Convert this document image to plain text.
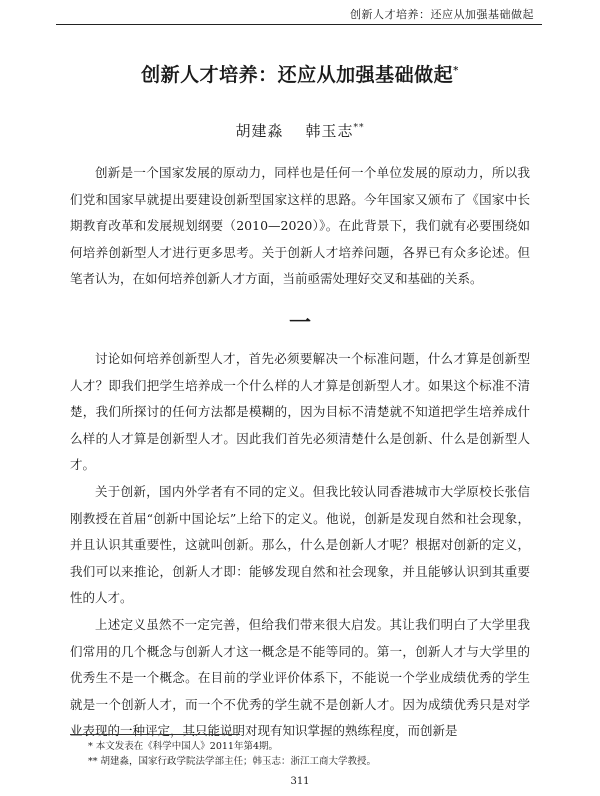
创新人才培养：还应从加强基础做起
创新人才培养：还应从加强基础做起*
胡建淼 韩玉志**

创新是一个国家发展的原动力，同样也是任何一个单位发展的原动力，所以我们党和国家早就提出要建设创新型国家这样的思路。今年国家又颁布了《国家中长期教育改革和发展规划纲要（2010—2020）》。在此背景下，我们就有必要围绕如何培养创新型人才进行更多思考。关于创新人才培养问题，各界已有众多论述。但笔者认为，在如何培养创新人才方面，当前亟需处理好交叉和基础的关系。

一

讨论如何培养创新型人才，首先必须要解决一个标准问题，什么才算是创新型人才？即我们把学生培养成一个什么样的人才算是创新型人才。如果这个标准不清楚，我们所探讨的任何方法都是模糊的，因为目标不清楚就不知道把学生培养成什么样的人才算是创新型人才。因此我们首先必须清楚什么是创新、什么是创新型人才。

关于创新，国内外学者有不同的定义。但我比较认同香港城市大学原校长张信刚教授在首届“创新中国论坛”上给下的定义。他说，创新是发现自然和社会现象，并且认识其重要性，这就叫创新。那么，什么是创新人才呢？根据对创新的定义，我们可以来推论，创新人才即：能够发现自然和社会现象，并且能够认识到其重要性的人才。

上述定义虽然不一定完善，但给我们带来很大启发。其让我们明白了大学里我们常用的几个概念与创新人才这一概念是不能等同的。第一，创新人才与大学里的优秀生不是一个概念。在目前的学业评价体系下，不能说一个学业成绩优秀的学生就是一个创新人才，而一个不优秀的学生就不是创新人才。因为成绩优秀只是对学业表现的一种评定，其只能说明对现有知识掌握的熟练程度，而创新是

* 本文发表在《科学中国人》2011年第4期。
** 胡建淼，国家行政学院法学部主任；韩玉志：浙江工商大学教授。
311
